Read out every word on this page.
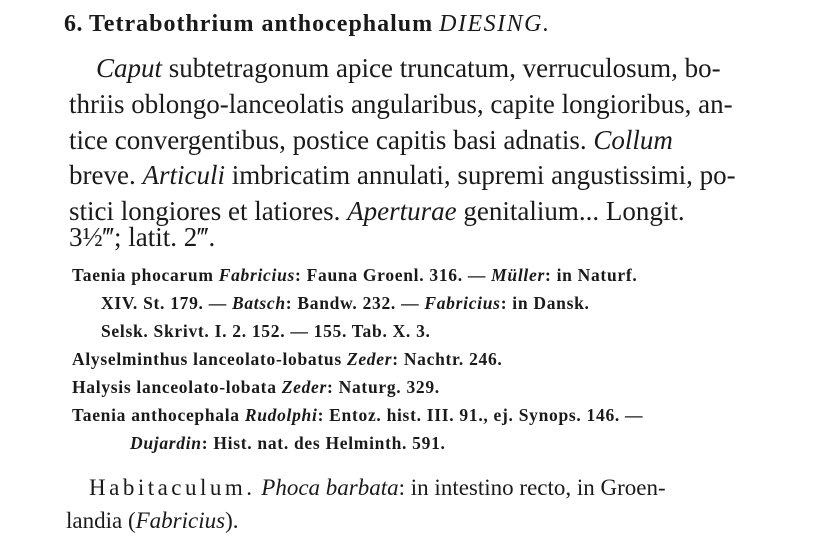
6. Tetrabothrium anthocephalum DIESING.
Caput subtetragonum apice truncatum, verruculosum, bo-
thriis oblongo-lanceolatis angularibus, capite longioribus, an-
tice convergentibus, postice capitis basi adnatis. Collum
breve. Articuli imbricatim annulati, supremi angustissimi, po-
stici longiores et latiores. Aperturae genitalium... Longit.
3½‴; latit. 2‴.
Taenia phocarum Fabricius: Fauna Groenl. 316. — Müller: in Naturf.
XIV. St. 179. — Batsch: Bandw. 232. — Fabricius: in Dansk.
Selsk. Skrivt. I. 2. 152. — 155. Tab. X. 3.
Alyselminthus lanceolato-lobatus Zeder: Nachtr. 246.
Halysis lanceolato-lobata Zeder: Naturg. 329.
Taenia anthocephala Rudolphi: Entoz. hist. III. 91., ej. Synops. 146. —
Dujardin: Hist. nat. des Helminth. 591.
Habitaculum. Phoca barbata: in intestino recto, in Groen-
landia (Fabricius).
